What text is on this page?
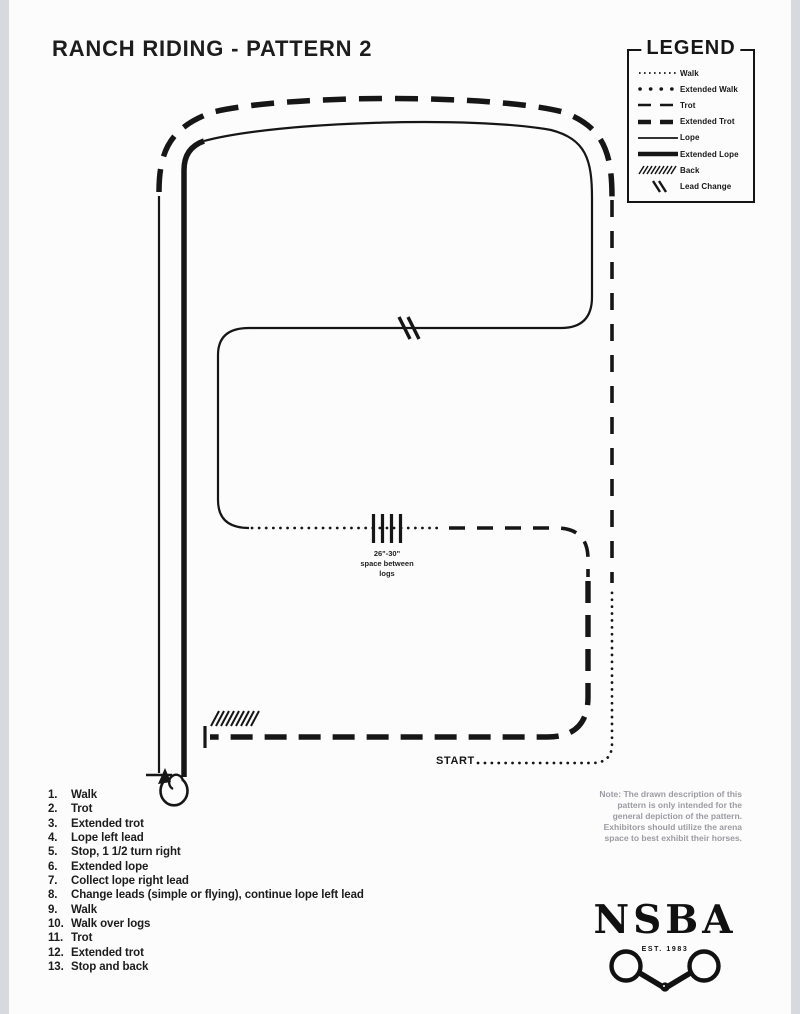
RANCH RIDING - PATTERN 2	LEGEND
Walk
Extended Walk
Trot
Extended Trot
Lope
Extended Lope
Back
Lead Change
START
26"-30"
space between
logs
1.	Walk
2.	Trot
3.	Extended trot
4.	Lope left lead
5.	Stop, 1 1/2 turn right
6.	Extended lope
7.	Collect lope right lead
8.	Change leads (simple or flying), continue lope left lead
9.	Walk
10. Walk over logs
11. Trot
12. Extended trot
13. Stop and back
Note: The drawn description of this
pattern is only intended for the
general depiction of the pattern.
Exhibitors should utilize the arena
space to best exhibit their horses.
NSBA
EST. 1983
